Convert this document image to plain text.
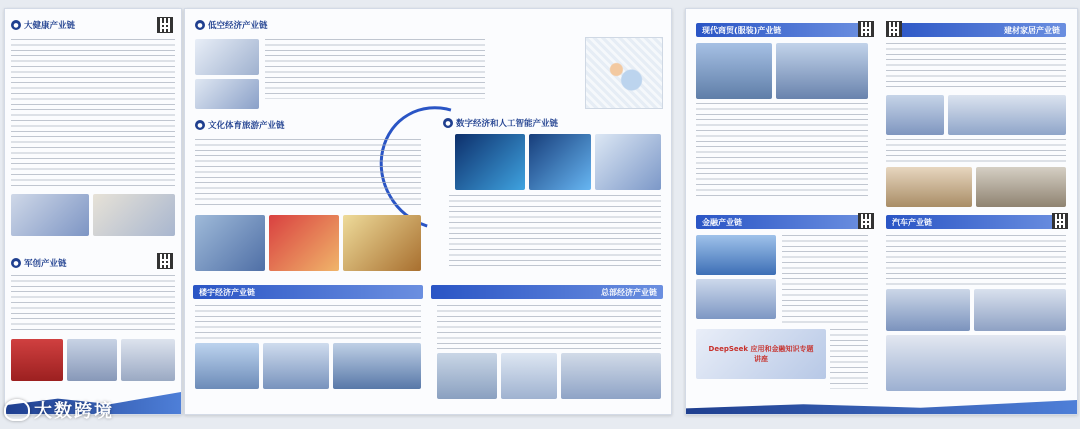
● 大健康产业链
● 军创产业链
● 低空经济产业链
● 文化体育旅游产业链	● 数字经济和人工智能产业链
楼宇经济产业链	总部经济产业链
现代商贸(服装)产业链	建材家居产业链
金融产业链
DeepSeek 应用和金融知识专题讲座
汽车产业链
大数跨境
